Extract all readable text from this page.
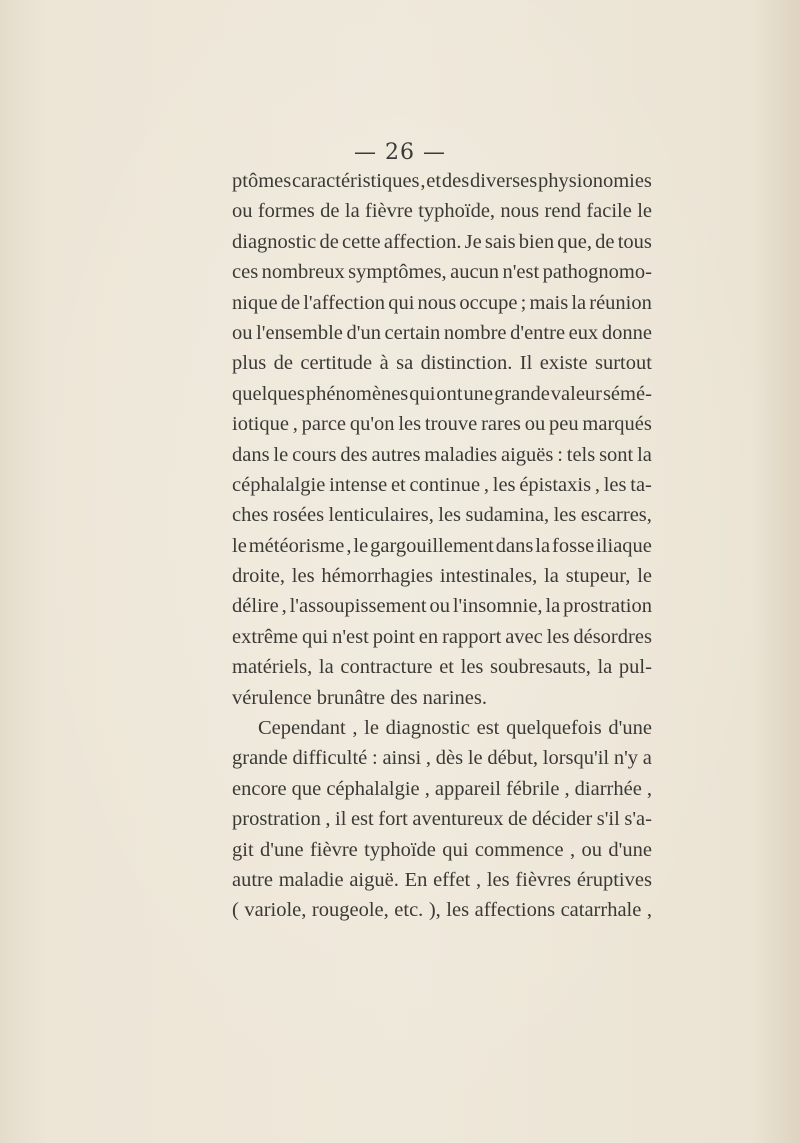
— 26 —
ptômes caractéristiques , et des diverses physionomies
ou formes de la fièvre typhoïde, nous rend facile le
diagnostic de cette affection. Je sais bien que, de tous
ces nombreux symptômes, aucun n'est pathognomo-
nique de l'affection qui nous occupe ; mais la réunion
ou l'ensemble d'un certain nombre d'entre eux donne
plus de certitude à sa distinction. Il existe surtout
quelques phénomènes qui ont une grande valeur sémé-
iotique , parce qu'on les trouve rares ou peu marqués
dans le cours des autres maladies aiguës : tels sont la
céphalalgie intense et continue , les épistaxis , les ta-
ches rosées lenticulaires, les sudamina, les escarres,
le météorisme , le gargouillement dans la fosse iliaque
droite, les hémorrhagies intestinales, la stupeur, le
délire , l'assoupissement ou l'insomnie, la prostration
extrême qui n'est point en rapport avec les désordres
matériels, la contracture et les soubresauts, la pul-
vérulence brunâtre des narines.
Cependant , le diagnostic est quelquefois d'une
grande difficulté : ainsi , dès le début, lorsqu'il n'y a
encore que céphalalgie , appareil fébrile , diarrhée ,
prostration , il est fort aventureux de décider s'il s'a-
git d'une fièvre typhoïde qui commence , ou d'une
autre maladie aiguë. En effet , les fièvres éruptives
( variole, rougeole, etc. ), les affections catarrhale ,
